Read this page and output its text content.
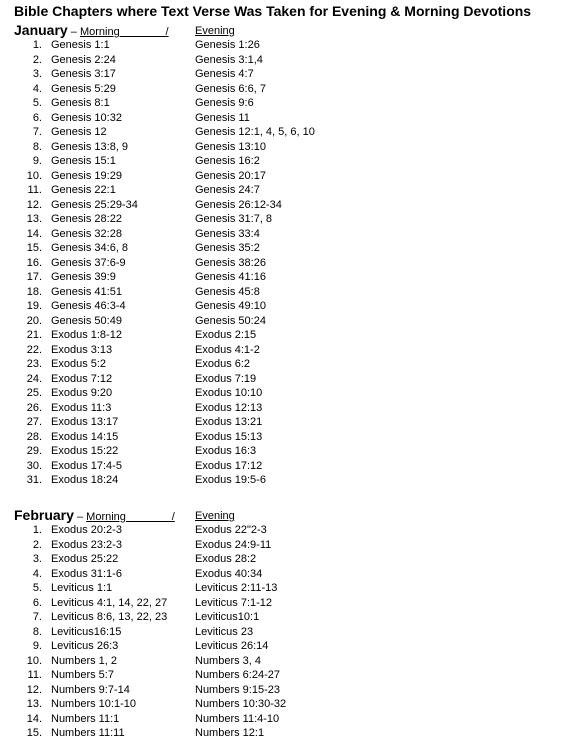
Bible Chapters where Text Verse Was Taken for Evening & Morning Devotions
January – Morning	/ Evening
1. Genesis 1:1	Genesis 1:26
2. Genesis 2:24	Genesis 3:1,4
3. Genesis 3:17	Genesis 4:7
4. Genesis 5:29	Genesis 6:6, 7
5. Genesis 8:1	Genesis 9:6
6. Genesis 10:32	Genesis 11
7. Genesis 12	Genesis 12:1, 4, 5, 6, 10
8. Genesis 13:8, 9	Genesis 13:10
9. Genesis 15:1	Genesis 16:2
10. Genesis 19:29	Genesis 20:17
11. Genesis 22:1	Genesis 24:7
12. Genesis 25:29-34	Genesis 26:12-34
13. Genesis 28:22	Genesis 31:7, 8
14. Genesis 32:28	Genesis 33:4
15. Genesis 34:6, 8	Genesis 35:2
16. Genesis 37:6-9	Genesis 38:26
17. Genesis 39:9	Genesis 41:16
18. Genesis 41:51	Genesis 45:8
19. Genesis 46:3-4	Genesis 49:10
20. Genesis 50:49	Genesis 50:24
21. Exodus 1:8-12	Exodus 2:15
22. Exodus 3:13	Exodus 4:1-2
23. Exodus 5:2	Exodus 6:2
24. Exodus 7:12	Exodus 7:19
25. Exodus 9:20	Exodus 10:10
26. Exodus 11:3	Exodus 12:13
27. Exodus 13:17	Exodus 13:21
28. Exodus 14:15	Exodus 15:13
29. Exodus 15:22	Exodus 16:3
30. Exodus 17:4-5	Exodus 17:12
31. Exodus 18:24	Exodus 19:5-6
February – Morning	/ Evening
1. Exodus 20:2-3	Exodus 22"2-3
2. Exodus 23:2-3	Exodus 24:9-11
3. Exodus 25:22	Exodus 28:2
4. Exodus 31:1-6	Exodus 40:34
5. Leviticus 1:1	Leviticus 2:11-13
6. Leviticus 4:1, 14, 22, 27	Leviticus 7:1-12
7. Leviticus 8:6, 13, 22, 23	Leviticus10:1
8. Leviticus16:15	Leviticus 23
9. Leviticus 26:3	Leviticus 26:14
10. Numbers 1, 2	Numbers 3, 4
11. Numbers 5:7	Numbers 6:24-27
12. Numbers 9:7-14	Numbers 9:15-23
13. Numbers 10:1-10	Numbers 10:30-32
14. Numbers 11:1	Numbers 11:4-10
15. Numbers 11:11	Numbers 12:1
